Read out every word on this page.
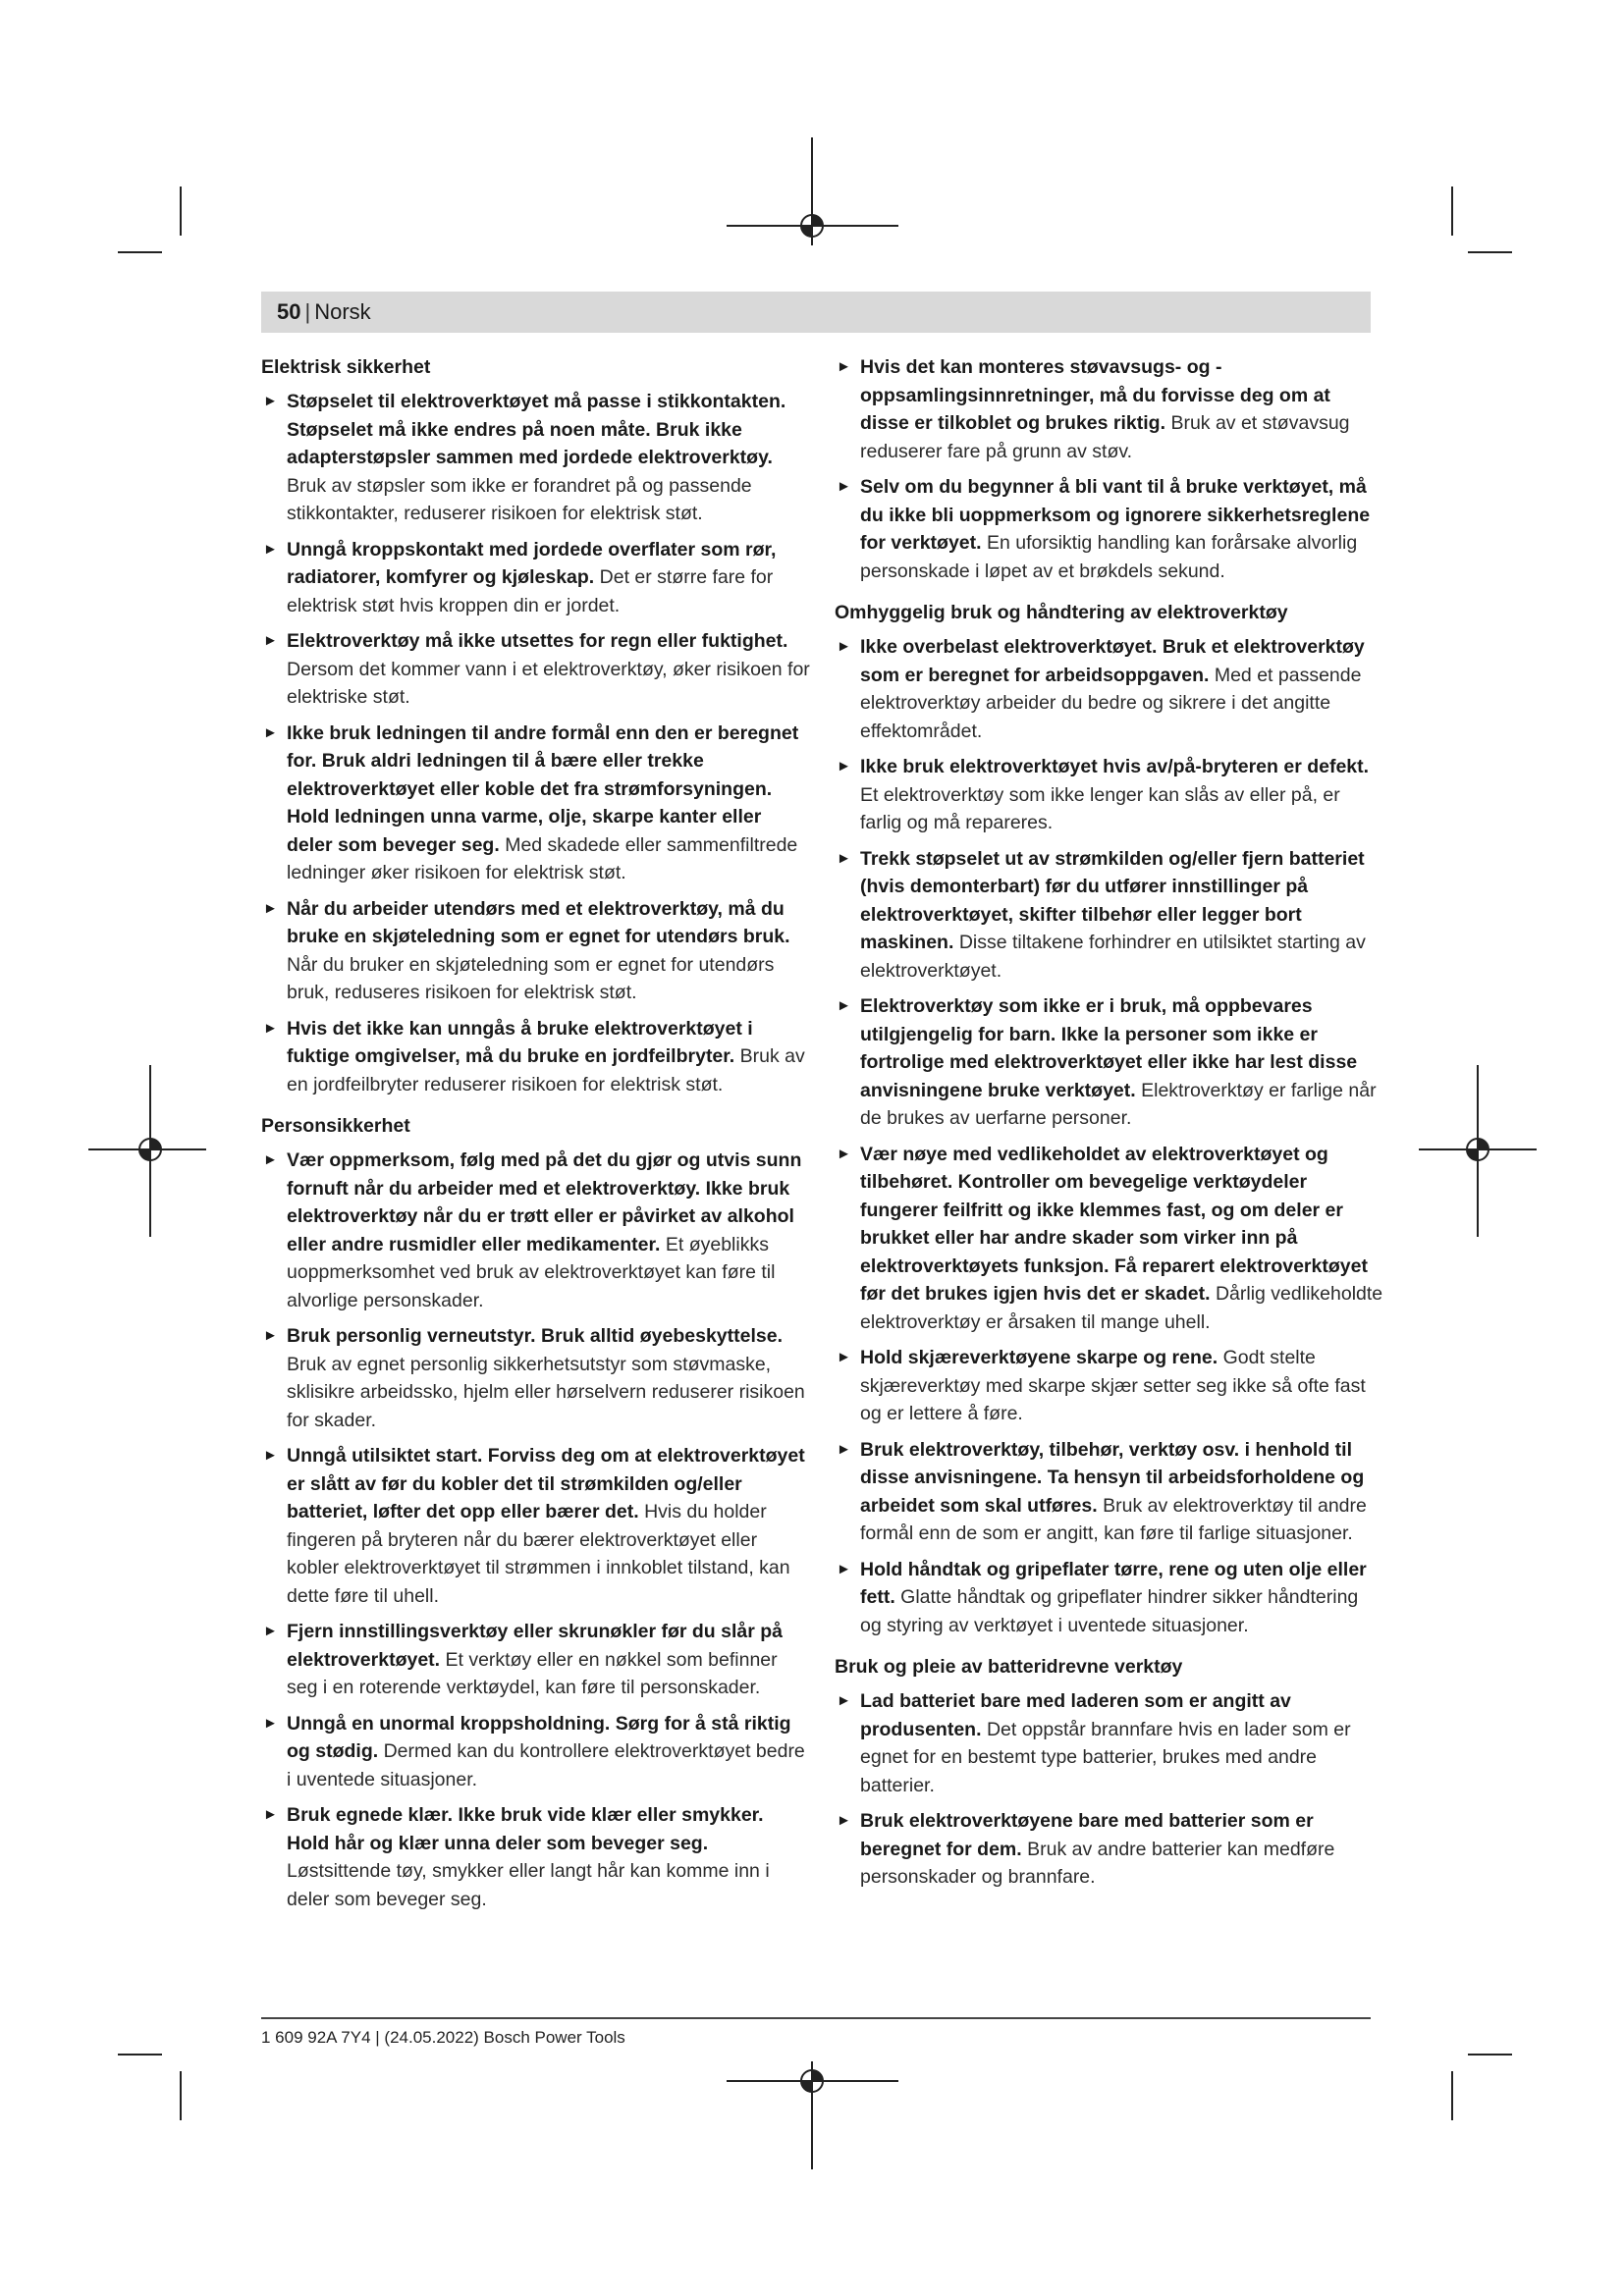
50 | Norsk
Elektrisk sikkerhet
► Støpselet til elektroverktøyet må passe i stikkontakten. Støpselet må ikke endres på noen måte. Bruk ikke adapterstøpsler sammen med jordede elektroverktøy. Bruk av støpsler som ikke er forandret på og passende stikkontakter, reduserer risikoen for elektrisk støt.
► Unngå kroppskontakt med jordede overflater som rør, radiatorer, komfyrer og kjøleskap. Det er større fare for elektrisk støt hvis kroppen din er jordet.
► Elektroverktøy må ikke utsettes for regn eller fuktighet. Dersom det kommer vann i et elektroverktøy, øker risikoen for elektriske støt.
► Ikke bruk ledningen til andre formål enn den er beregnet for. Bruk aldri ledningen til å bære eller trekke elektroverktøyet eller koble det fra strømforsyningen. Hold ledningen unna varme, olje, skarpe kanter eller deler som beveger seg. Med skadede eller sammenfiltrede ledninger øker risikoen for elektrisk støt.
► Når du arbeider utendørs med et elektroverktøy, må du bruke en skjøteledning som er egnet for utendørs bruk. Når du bruker en skjøteledning som er egnet for utendørs bruk, reduseres risikoen for elektrisk støt.
► Hvis det ikke kan unngås å bruke elektroverktøyet i fuktige omgivelser, må du bruke en jordfeilbryter. Bruk av en jordfeilbryter reduserer risikoen for elektrisk støt.
Personsikkerhet
► Vær oppmerksom, følg med på det du gjør og utvis sunn fornuft når du arbeider med et elektroverktøy. Ikke bruk elektroverktøy når du er trøtt eller er påvirket av alkohol eller andre rusmidler eller medikamenter. Et øyeblikks uoppmerksomhet ved bruk av elektroverktøyet kan føre til alvorlige personskader.
► Bruk personlig verneutstyr. Bruk alltid øyebeskyttelse. Bruk av egnet personlig sikkerhetsutstyr som støvmaske, sklisikre arbeidssko, hjelm eller hørselvern reduserer risikoen for skader.
► Unngå utilsiktet start. Forviss deg om at elektroverktøyet er slått av før du kobler det til strømkilden og/eller batteriet, løfter det opp eller bærer det. Hvis du holder fingeren på bryteren når du bærer elektroverktøyet eller kobler elektroverktøyet til strømmen i innkoblet tilstand, kan dette føre til uhell.
► Fjern innstillingsverktøy eller skrunøkler før du slår på elektroverktøyet. Et verktøy eller en nøkkel som befinner seg i en roterende verktøydel, kan føre til personskader.
► Unngå en unormal kroppsholdning. Sørg for å stå riktig og stødig. Dermed kan du kontrollere elektroverktøyet bedre i uventede situasjoner.
► Bruk egnede klær. Ikke bruk vide klær eller smykker. Hold hår og klær unna deler som beveger seg. Løstsittende tøy, smykker eller langt hår kan komme inn i deler som beveger seg.
► Hvis det kan monteres støvavsugs- og -oppsamlingsinnretninger, må du forvisse deg om at disse er tilkoblet og brukes riktig. Bruk av et støvavsug reduserer fare på grunn av støv.
► Selv om du begynner å bli vant til å bruke verktøyet, må du ikke bli uoppmerksom og ignorere sikkerhetsreglene for verktøyet. En uforsiktig handling kan forårsake alvorlig personskade i løpet av et brøkdels sekund.
Omhyggelig bruk og håndtering av elektroverktøy
► Ikke overbelast elektroverktøyet. Bruk et elektroverktøy som er beregnet for arbeidsoppgaven. Med et passende elektroverktøy arbeider du bedre og sikrere i det angitte effektområdet.
► Ikke bruk elektroverktøyet hvis av/på-bryteren er defekt. Et elektroverktøy som ikke lenger kan slås av eller på, er farlig og må repareres.
► Trekk støpselet ut av strømkilden og/eller fjern batteriet (hvis demonterbart) før du utfører innstillinger på elektroverktøyet, skifter tilbehør eller legger bort maskinen. Disse tiltakene forhindrer en utilsiktet starting av elektroverktøyet.
► Elektroverktøy som ikke er i bruk, må oppbevares utilgjengelig for barn. Ikke la personer som ikke er fortrolige med elektroverktøyet eller ikke har lest disse anvisningene bruke verktøyet. Elektroverktøy er farlige når de brukes av uerfarne personer.
► Vær nøye med vedlikeholdet av elektroverktøyet og tilbehøret. Kontroller om bevegelige verktøydeler fungerer feilfritt og ikke klemmes fast, og om deler er brukket eller har andre skader som virker inn på elektroverktøyets funksjon. Få reparert elektroverktøyet før det brukes igjen hvis det er skadet. Dårlig vedlikeholdte elektroverktøy er årsaken til mange uhell.
► Hold skjæreverktøyene skarpe og rene. Godt stelte skjæreverktøy med skarpe skjær setter seg ikke så ofte fast og er lettere å føre.
► Bruk elektroverktøy, tilbehør, verktøy osv. i henhold til disse anvisningene. Ta hensyn til arbeidsforholdene og arbeidet som skal utføres. Bruk av elektroverktøy til andre formål enn de som er angitt, kan føre til farlige situasjoner.
► Hold håndtak og gripeflater tørre, rene og uten olje eller fett. Glatte håndtak og gripeflater hindrer sikker håndtering og styring av verktøyet i uventede situasjoner.
Bruk og pleie av batteridrevne verktøy
► Lad batteriet bare med laderen som er angitt av produsenten. Det oppstår brannfare hvis en lader som er egnet for en bestemt type batterier, brukes med andre batterier.
► Bruk elektroverktøyene bare med batterier som er beregnet for dem. Bruk av andre batterier kan medføre personskader og brannfare.
1 609 92A 7Y4 | (24.05.2022) Bosch Power Tools
